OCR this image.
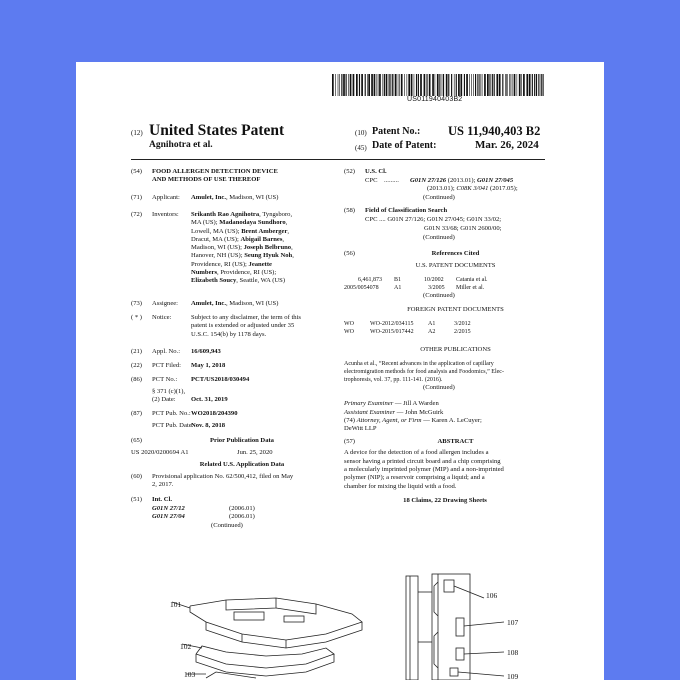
US011940403B2
(12) United States Patent
Agnihotra et al.
(10) Patent No.: US 11,940,403 B2
(45) Date of Patent:	Mar. 26, 2024
(54) FOOD ALLERGEN DETECTION DEVICE
AND METHODS OF USE THEREOF
(71) Applicant: Amulet, Inc., Madison, WI (US)
(72) Inventors: Srikanth Rao Agnihotra, Tyngsboro,
MA (US); Madanodaya Sundhoro,
Lowell, MA (US); Brent Amberger,
Dracut, MA (US); Abigail Barnes,
Madison, WI (US); Joseph Belbruno,
Hanover, NH (US); Seung Hyuk Noh,
Providence, RI (US); Jeanette
Numbers, Providence, RI (US);
Elizabeth Soucy, Seattle, WA (US)
(73) Assignee: Amulet, Inc., Madison, WI (US)
( * ) Notice:	Subject to any disclaimer, the term of this
patent is extended or adjusted under 35
U.S.C. 154(b) by 1178 days.
(21) Appl. No.: 16/609,943
(22) PCT Filed: May 1, 2018
(86) PCT No.: PCT/US2018/030494
§ 371 (c)(1),
(2) Date: Oct. 31, 2019
(87) PCT Pub. No.: WO2018/204390
PCT Pub. Date:
Nov. 8, 2018
(65)	Prior Publication Data
US 2020/0200694 A1	Jun. 25, 2020
Related U.S. Application Data
(60) Provisional application No. 62/500,412, filed on May
2, 2017.
(51) Int. Cl.
G01N 27/12	(2006.01)
G01N 27/04	(2006.01)
(Continued)
(52) U.S. Cl.
CPC ......... G01N 27/126 (2013.01); G01N 27/045
(2013.01); C08K 3/041 (2017.05);
(Continued)
(58) Field of Classification Search
CPC .... G01N 27/126; G01N 27/045; G01N 33/02;
G01N 33/68; G01N 2600/00;
(Continued)
(56)	References Cited
U.S. PATENT DOCUMENTS
6,461,873 B1	10/2002 Catania et al.
2005/0054078	A1	3/2005 Miller et al.
(Continued)
FOREIGN PATENT DOCUMENTS
WO	WO-2012/034115 A1	3/2012
WO	WO-2015/017442 A2	2/2015
OTHER PUBLICATIONS
Acunha et al., “Recent advances in the application of capillary
electromigration methods for food analysis and Foodomics,” Elec-
trophoresis, vol. 37, pp. 111-141. (2016).
(Continued)
Primary Examiner — Jill A Warden
Assistant Examiner — John McGuirk
(74) Attorney, Agent, or Firm — Karen A. LeCuyer;
DeWitt LLP
(57)	ABSTRACT
A device for the detection of a food allergen includes a
sensor having a printed circuit board and a chip comprising
a molecularly imprinted polymer (MIP) and a non-imprinted
polymer (NIP); a reservoir comprising a liquid; and a
chamber for mixing the liquid with a food.
18 Claims, 22 Drawing Sheets
101
102
103
106
107
108
109
